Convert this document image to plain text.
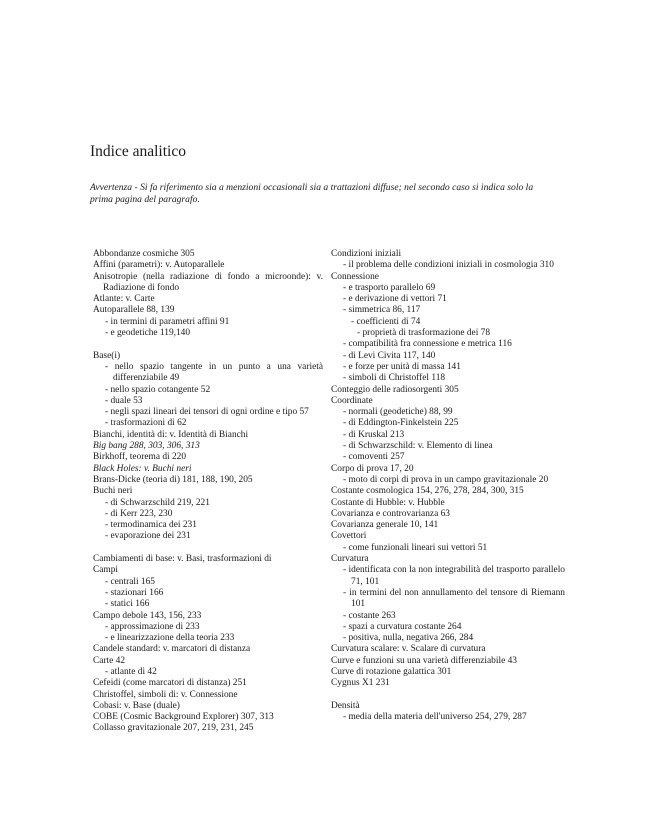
Indice analitico

Avvertenza - Si fa riferimento sia a menzioni occasionali sia a trattazioni diffuse; nel secondo caso si indica solo la prima pagina del paragrafo.

Abbondanze cosmiche 305
Affini (parametri): v. Autoparallele
Anisotropie (nella radiazione di fondo a microonde): v. Radiazione di fondo
Atlante: v. Carte
Autoparallele 88, 139
- in termini di parametri affini 91
- e geodetiche 119,140
Base(i)
- nello spazio tangente in un punto a una varietà differenziabile 49
- nello spazio cotangente 52
- duale 53
- negli spazi lineari dei tensori di ogni ordine e tipo 57
- trasformazioni di 62
Bianchi, identità di: v. Identità di Bianchi
Big bang 288, 303, 306, 313
Birkhoff, teorema di 220
Black Holes: v. Buchi neri
Brans-Dicke (teoria di) 181, 188, 190, 205
Buchi neri
- di Schwarzschild 219, 221
- di Kerr 223, 230
- termodinamica dei 231
- evaporazione dei 231
Cambiamenti di base: v. Basi, trasformazioni di
Campi
- centrali 165
- stazionari 166
- statici 166
Campo debole 143, 156, 233
- approssimazione di 233
- e linearizzazione della teoria 233
Candele standard: v. marcatori di distanza
Carte 42
- atlante di 42
Cefeidi (come marcatori di distanza) 251
Christoffel, simboli di: v. Connessione
Cobasi: v. Base (duale)
COBE (Cosmic Background Explorer) 307, 313
Collasso gravitazionale 207, 219, 231, 245
Condizioni iniziali
- il problema delle condizioni iniziali in cosmologia 310
Connessione
- e trasporto parallelo 69
- e derivazione di vettori 71
- simmetrica 86, 117
- coefficienti di 74
- proprietà di trasformazione dei 78
- compatibilità fra connessione e metrica 116
- di Levi Civita 117, 140
- e forze per unità di massa 141
- simboli di Christoffel 118
Conteggio delle radiosorgenti 305
Coordinate
- normali (geodetiche) 88, 99
- di Eddington-Finkelstein 225
- di Kruskal 213
- di Schwarzschild: v. Elemento di linea
- comoventi 257
Corpo di prova 17, 20
- moto di corpi di prova in un campo gravitazionale 20
Costante cosmologica 154, 276, 278, 284, 300, 315
Costante di Hubble: v. Hubble
Covarianza e controvarianza 63
Covarianza generale 10, 141
Covettori
- come funzionali lineari sui vettori 51
Curvatura
- identificata con la non integrabilità del trasporto parallelo 71, 101
- in termini del non annullamento del tensore di Riemann 101
- costante 263
- spazi a curvatura costante 264
- positiva, nulla, negativa 266, 284
Curvatura scalare: v. Scalare di curvatura
Curve e funzioni su una varietà differenziabile 43
Curve di rotazione galattica 301
Cygnus X1 231
Densità
- media della materia dell'universo 254, 279, 287
